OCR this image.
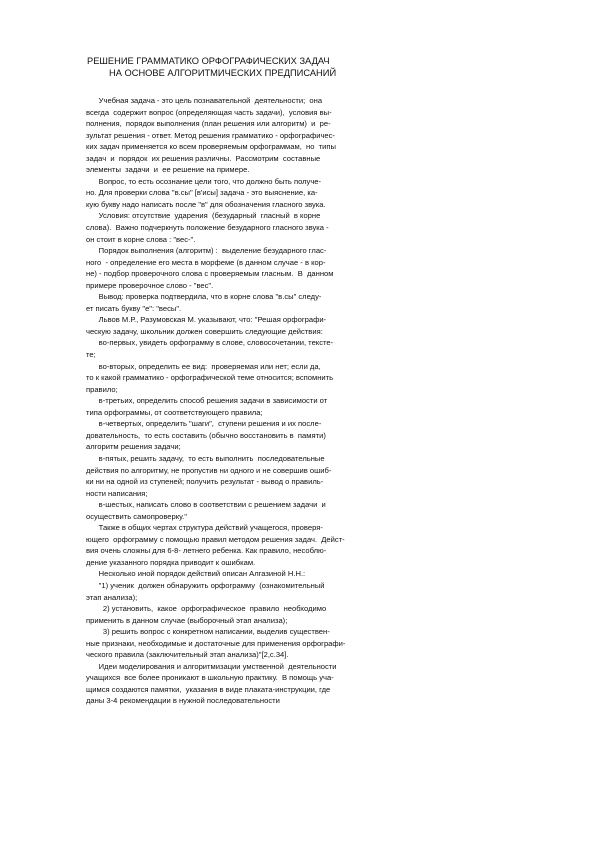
РЕШЕНИЕ ГРАММАТИКО ОРФОГРАФИЧЕСКИХ ЗАДАЧ
НА ОСНОВЕ АЛГОРИТМИЧЕСКИХ ПРЕДПИСАНИЙ
Учебная задача - это цель познавательной  деятельности;  она
всегда  содержит вопрос (определяющая часть задачи),  условия вы-
полнения,  порядок выполнения (план решения или алгоритм)  и  ре-
зультат решения - ответ. Метод решения грамматико - орфографичес-
ких задач применяется ко всем проверяемым орфограммам,  но  типы
задач  и  порядок  их решения различны.  Рассмотрим  составные
элементы  задачи  и  ее решение на примере.
Вопрос, то есть осознание цели того, что должно быть получе-
но. Для проверки слова "в.сы" [в'исы] задача - это выяснение, ка-
кую букву надо написать после "в" для обозначения гласного звука.
Условия: отсутствие  ударения  (безударный  гласный  в корне
слова).  Важно подчеркнуть положение безударного гласного звука -
он стоит в корне слова : "вес-".
Порядок выполнения (алгоритм) :  выделение безударного глас-
ного  - определение его места в морфеме (в данном случае - в кор-
не) - подбор проверочного слова с проверяемым гласным.  В  данном
примере проверочное слово - "вес".
Вывод: проверка подтвердила, что в корне слова "в.сы" следу-
ет писать букву "е": "весы".
Львов М.Р., Разумовская М. указывают, что: "Решая орфографи-
ческую задачу, школьник должен совершить следующие действия:
во-первых, увидеть орфограмму в слове, словосочетании, тексте-
те;
во-вторых, определить ее вид:  проверяемая или нет; если да,
то к какой грамматико - орфографической теме относится; вспомнить
правило;
в-третьих, определить способ решения задачи в зависимости от
типа орфограммы, от соответствующего правила;
в-четвертых, определить "шаги",  ступени решения и их после-
довательность,  то есть составить (обычно восстановить в  памяти)
алгоритм решения задачи;
в-пятых, решить задачу,  то есть выполнить  последовательные
действия по алгоритму, не пропустив ни одного и не совершив ошиб-
ки ни на одной из ступеней; получить результат - вывод о правиль-
ности написания;
в-шестых, написать слово в соответствии с решением задачи  и
осуществить самопроверку."
Также в общих чертах структура действий учащегося, проверя-
ющего  орфограмму с помощью правил методом решения задач.  Дейст-
вия очень сложны для 6-8- летнего ребенка. Как правило, несоблю-
дение указанного порядка приводит к ошибкам.
Несколько иной порядок действий описан Алгазиной Н.Н.:
"1) ученик  должен обнаружить орфограмму  (ознакомительный
этап анализа);
2) установить,  какое  орфографическое  правило  необходимо
применить в данном случае (выборочный этап анализа);
3) решить вопрос с конкретном написании, выделив существен-
ные признаки, необходимые и достаточные для применения орфографи-
ческого правила (заключительный этап анализа)"[2,с.34].
Идеи моделирования и алгоритмизации умственной  деятельности
учащихся  все более проникают в школьную практику.  В помощь уча-
щимся создаются памятки,  указания в виде плаката-инструкции, где
даны 3-4 рекомендации в нужной последовательности
